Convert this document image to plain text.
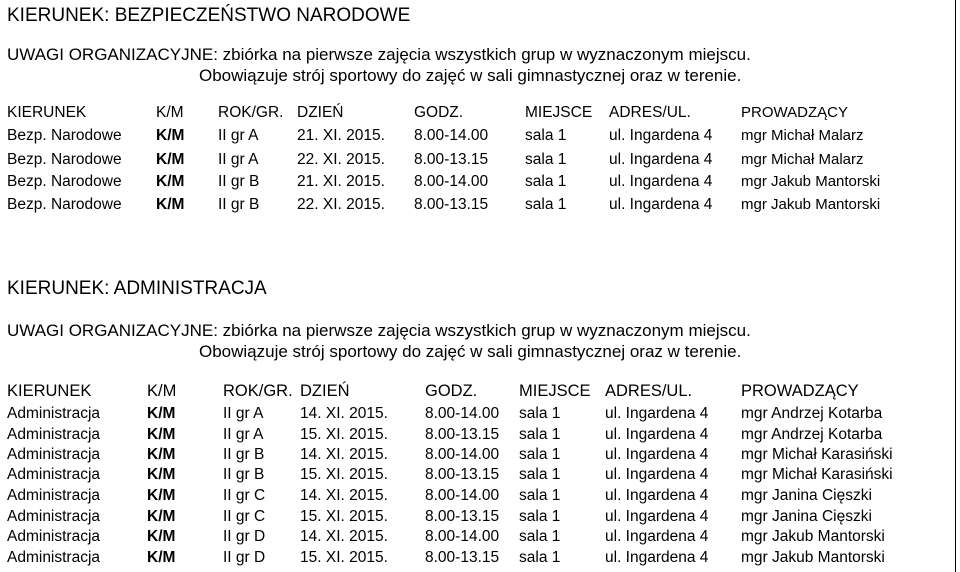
KIERUNEK: BEZPIECZEŃSTWO NARODOWE
UWAGI ORGANIZACYJNE: zbiórka na pierwsze zajęcia wszystkich grup w wyznaczonym miejscu.
Obowiązuje strój sportowy do zajęć w sali gimnastycznej oraz w terenie.
KIERUNEK	K/M ROK/GR. DZIEŃ	GODZ.	MIEJSCE ADRES/UL.	PROWADZĄCY
Bezp. Narodowe K/M II gr A 21. XI. 2015. 8.00-14.00 sala 1	ul. Ingardena 4 mgr Michał Malarz
Bezp. Narodowe K/M II gr A 22. XI. 2015. 8.00-13.15 sala 1	ul. Ingardena 4 mgr Michał Malarz
Bezp. Narodowe K/M II gr B 21. XI. 2015. 8.00-14.00 sala 1	ul. Ingardena 4 mgr Jakub Mantorski
Bezp. Narodowe K/M II gr B 22. XI. 2015. 8.00-13.15 sala 1	ul. Ingardena 4 mgr Jakub Mantorski
KIERUNEK: ADMINISTRACJA
UWAGI ORGANIZACYJNE: zbiórka na pierwsze zajęcia wszystkich grup w wyznaczonym miejscu.
Obowiązuje strój sportowy do zajęć w sali gimnastycznej oraz w terenie.
KIERUNEK	K/M	ROK/GR. DZIEŃ	GODZ.	MIEJSCE ADRES/UL.	PROWADZĄCY
Administracja	K/M	II gr A 14. XI. 2015. 8.00-14.00 sala 1	ul. Ingardena 4 mgr Andrzej Kotarba
Administracja	K/M	II gr A 15. XI. 2015. 8.00-13.15 sala 1	ul. Ingardena 4 mgr Andrzej Kotarba
Administracja	K/M	II gr B 14. XI. 2015. 8.00-14.00 sala 1	ul. Ingardena 4 mgr Michał Karasiński
Administracja	K/M	II gr B 15. XI. 2015. 8.00-13.15 sala 1	ul. Ingardena 4 mgr Michał Karasiński
Administracja	K/M	II gr C 14. XI. 2015. 8.00-14.00 sala 1	ul. Ingardena 4 mgr Janina Cięszki
Administracja	K/M	II gr C 15. XI. 2015. 8.00-13.15 sala 1	ul. Ingardena 4 mgr Janina Cięszki
Administracja	K/M	II gr D 14. XI. 2015. 8.00-14.00 sala 1	ul. Ingardena 4 mgr Jakub Mantorski
Administracja	K/M	II gr D 15. XI. 2015. 8.00-13.15 sala 1	ul. Ingardena 4 mgr Jakub Mantorski
